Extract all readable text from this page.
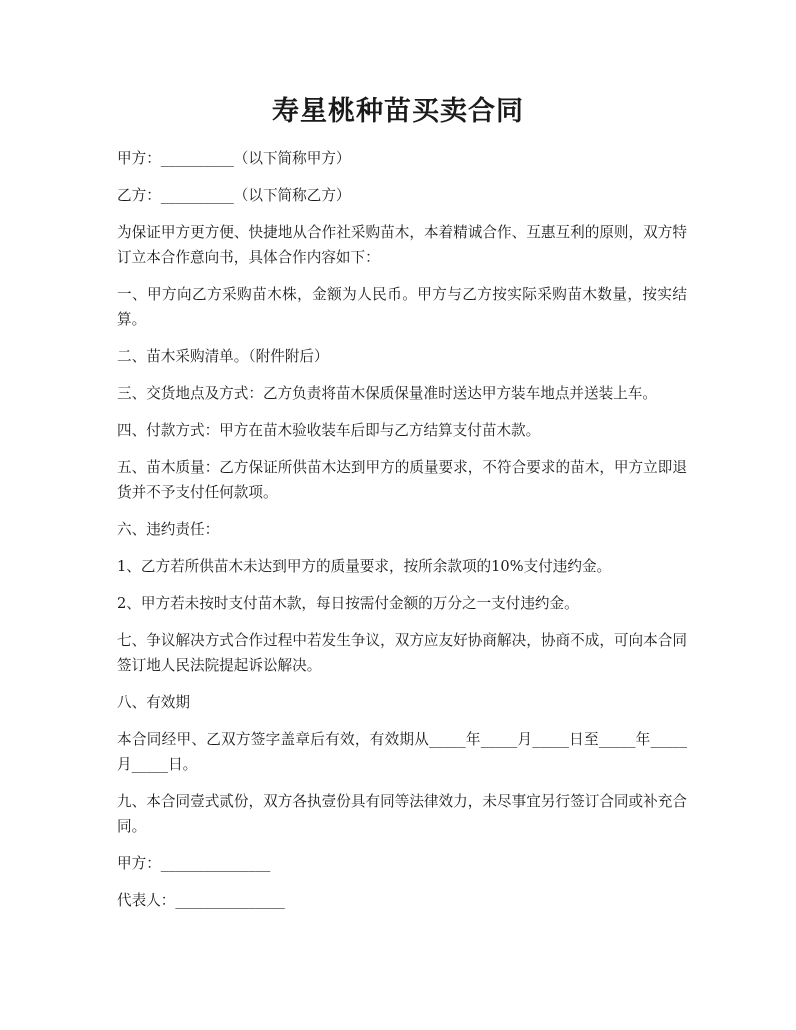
寿星桃种苗买卖合同

甲方：__________（以下简称甲方）

乙方：__________（以下简称乙方）

为保证甲方更方便、快捷地从合作社采购苗木，本着精诚合作、互惠互利的原则，双方特订立本合作意向书，具体合作内容如下：

一、甲方向乙方采购苗木株，金额为人民币。甲方与乙方按实际采购苗木数量，按实结算。

二、苗木采购清单。（附件附后）

三、交货地点及方式：乙方负责将苗木保质保量准时送达甲方装车地点并送装上车。

四、付款方式：甲方在苗木验收装车后即与乙方结算支付苗木款。

五、苗木质量：乙方保证所供苗木达到甲方的质量要求，不符合要求的苗木，甲方立即退货并不予支付任何款项。

六、违约责任：

1、乙方若所供苗木未达到甲方的质量要求，按所余款项的10%支付违约金。

2、甲方若未按时支付苗木款，每日按需付金额的万分之一支付违约金。

七、争议解决方式合作过程中若发生争议，双方应友好协商解决，协商不成，可向本合同签订地人民法院提起诉讼解决。

八、有效期

本合同经甲、乙双方签字盖章后有效，有效期从_____年_____月_____日至_____年_____月_____日。

九、本合同壹式贰份，双方各执壹份具有同等法律效力，未尽事宜另行签订合同或补充合同。

甲方：_______________

代表人：_______________
